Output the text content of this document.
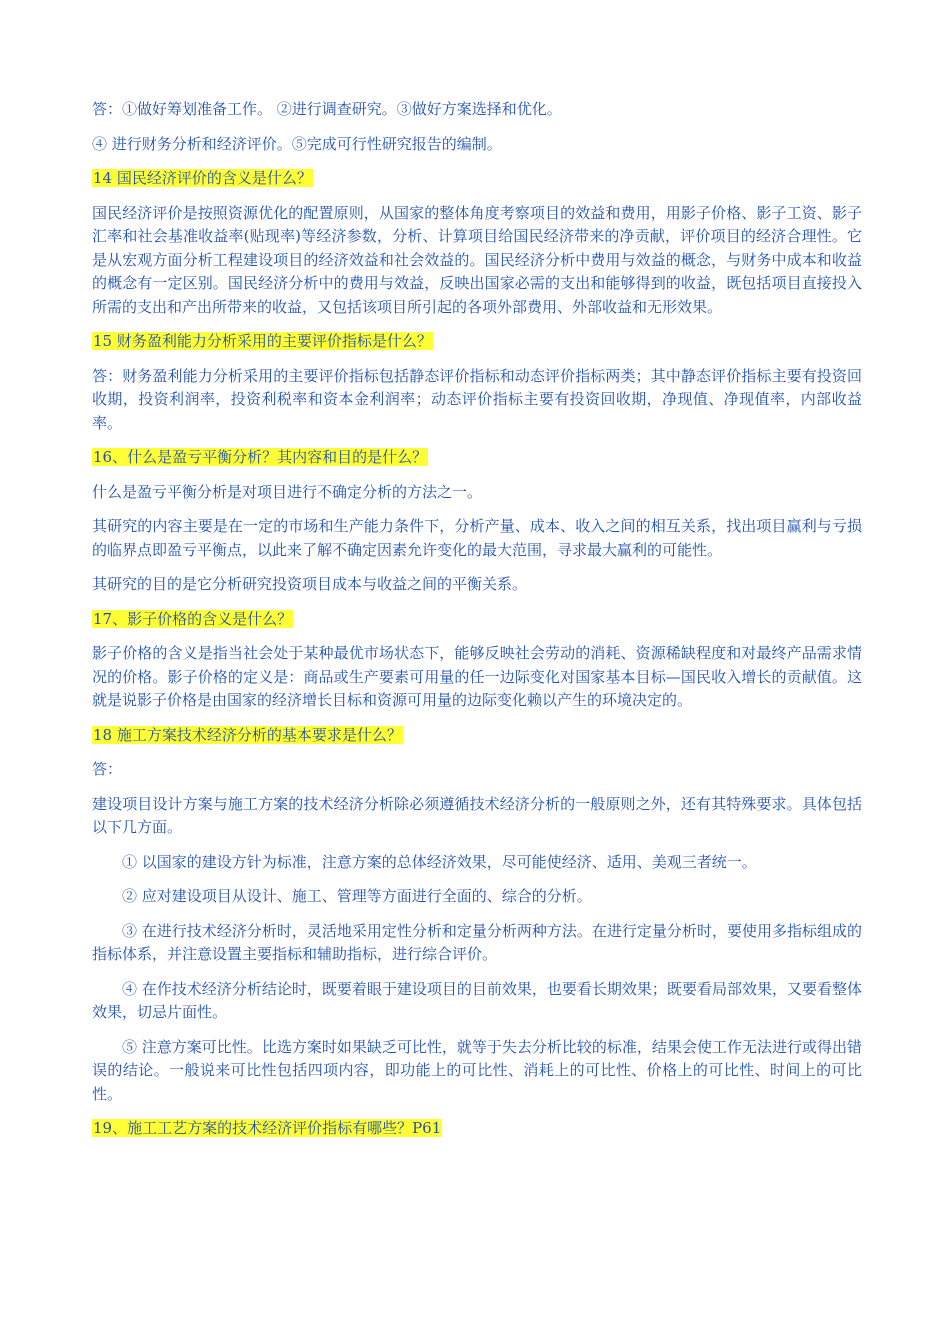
答：①做好筹划准备工作。 ②进行调查研究。③做好方案选择和优化。

④ 进行财务分析和经济评价。⑤完成可行性研究报告的编制。

14 国民经济评价的含义是什么？

国民经济评价是按照资源优化的配置原则，从国家的整体角度考察项目的效益和费用，用影子价格、影子工资、影子汇率和社会基准收益率(贴现率)等经济参数，分析、计算项目给国民经济带来的净贡献，评价项目的经济合理性。它是从宏观方面分析工程建设项目的经济效益和社会效益的。国民经济分析中费用与效益的概念，与财务中成本和收益的概念有一定区别。国民经济分析中的费用与效益，反映出国家必需的支出和能够得到的收益，既包括项目直接投入所需的支出和产出所带来的收益，又包括该项目所引起的各项外部费用、外部收益和无形效果。

15 财务盈利能力分析采用的主要评价指标是什么？

答：财务盈利能力分析采用的主要评价指标包括静态评价指标和动态评价指标两类；其中静态评价指标主要有投资回收期，投资利润率，投资利税率和资本金利润率；动态评价指标主要有投资回收期，净现值、净现值率，内部收益率。

16、什么是盈亏平衡分析？其内容和目的是什么？

什么是盈亏平衡分析是对项目进行不确定分析的方法之一。

其研究的内容主要是在一定的市场和生产能力条件下，分析产量、成本、收入之间的相互关系，找出项目赢利与亏损的临界点即盈亏平衡点，以此来了解不确定因素允许变化的最大范围，寻求最大赢利的可能性。

其研究的目的是它分析研究投资项目成本与收益之间的平衡关系。

17、影子价格的含义是什么？

影子价格的含义是指当社会处于某种最优市场状态下，能够反映社会劳动的消耗、资源稀缺程度和对最终产品需求情况的价格。影子价格的定义是：商品或生产要素可用量的任一边际变化对国家基本目标—国民收入增长的贡献值。这就是说影子价格是由国家的经济增长目标和资源可用量的边际变化赖以产生的环境决定的。

18 施工方案技术经济分析的基本要求是什么？

答：

建设项目设计方案与施工方案的技术经济分析除必须遵循技术经济分析的一般原则之外，还有其特殊要求。具体包括以下几方面。

① 以国家的建设方针为标准，注意方案的总体经济效果，尽可能使经济、适用、美观三者统一。

② 应对建设项目从设计、施工、管理等方面进行全面的、综合的分析。

③ 在进行技术经济分析时，灵活地采用定性分析和定量分析两种方法。在进行定量分析时，要使用多指标组成的指标体系，并注意设置主要指标和辅助指标，进行综合评价。

④ 在作技术经济分析结论时，既要着眼于建设项目的目前效果，也要看长期效果；既要看局部效果，又要看整体效果，切忌片面性。

⑤ 注意方案可比性。比选方案时如果缺乏可比性，就等于失去分析比较的标准，结果会使工作无法进行或得出错误的结论。一般说来可比性包括四项内容，即功能上的可比性、消耗上的可比性、价格上的可比性、时间上的可比性。

19、施工工艺方案的技术经济评价指标有哪些？P61
